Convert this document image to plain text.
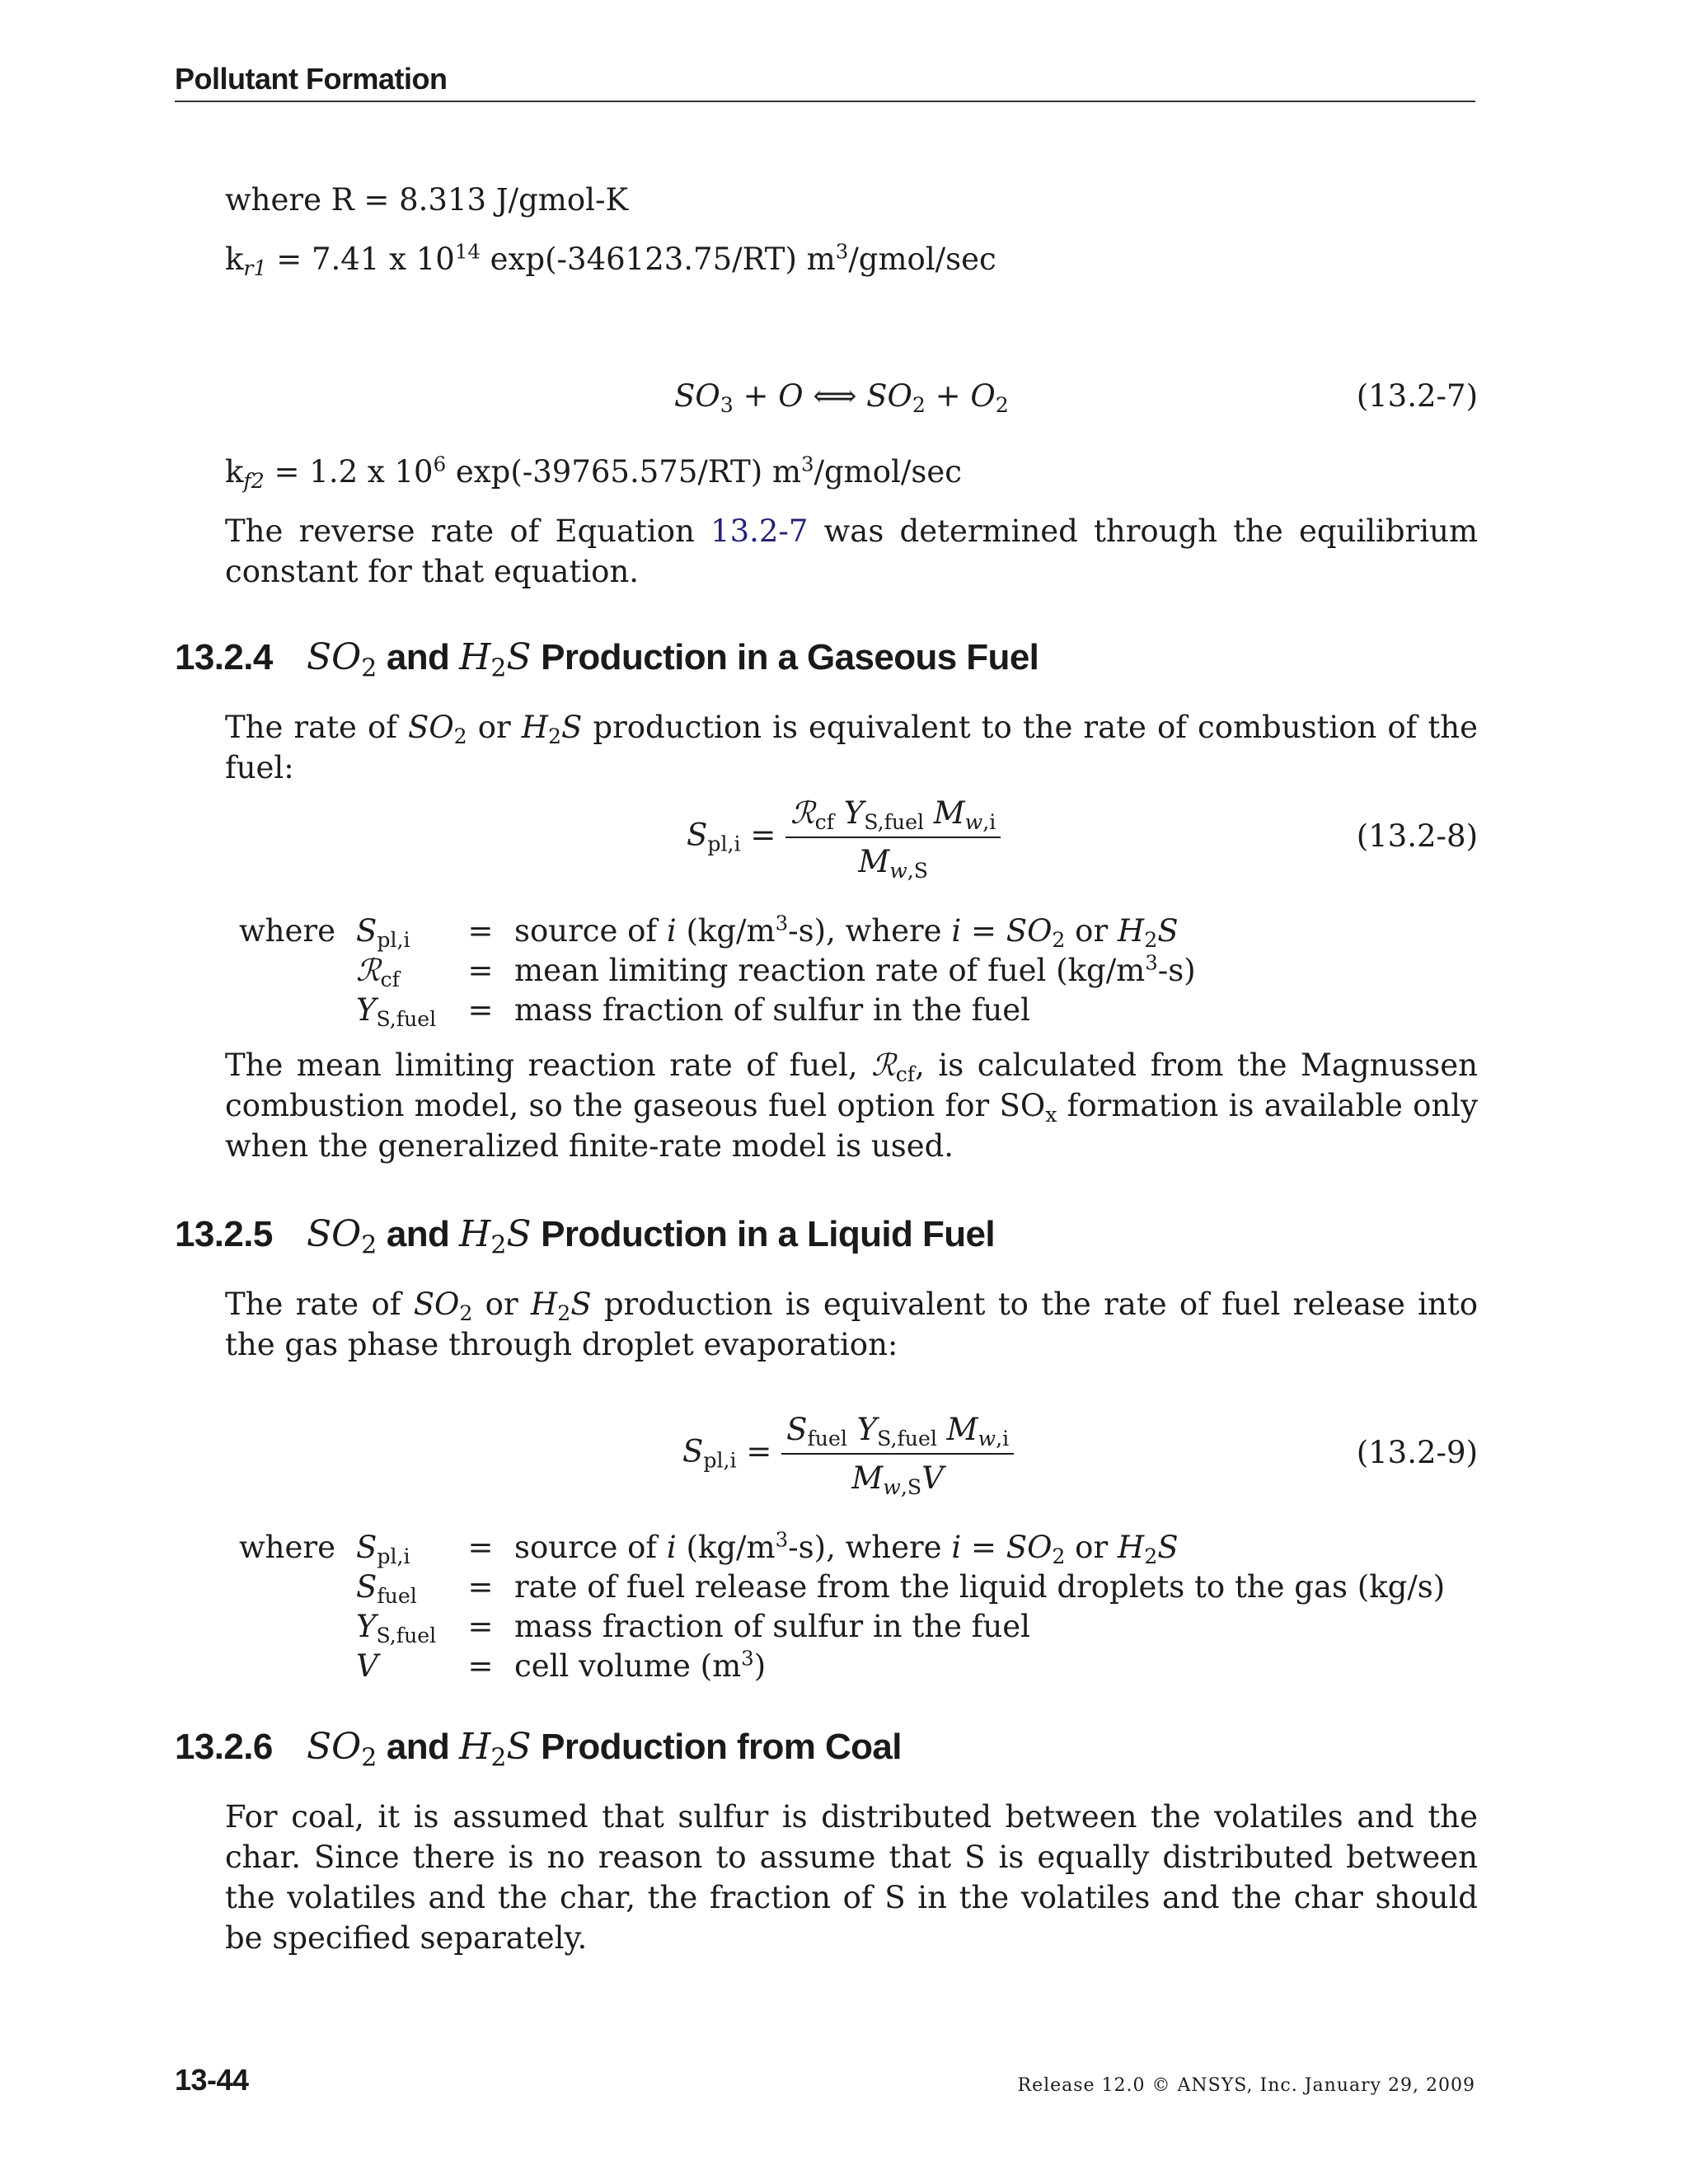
Pollutant Formation
where R = 8.313 J/gmol-K
$k_{r1} = 7.41$ x $10^{14}$ exp(-346123.75/RT) $m^3/gmol/\sec$
$SO_3 + O$ ⟺ $SO_2 + O_2$	(13.2-7)
$k_{f2} = 1.2$ x $10^6$ exp(-39765.575/RT) $m^3/gmol/\sec$
The reverse rate of Equation 13.2-7 was determined through the equilibrium constant for that equation.
13.2.4 $SO_2$ and $H_2S$ Production in a Gaseous Fuel
The rate of $SO_2$ or $H_2S$ production is equivalent to the rate of combustion of the fuel:
$S_{pl,i} = \frac{ℛ_{cf} Y_{S,fuel} M_{w,i}}{M_{w,S}}$	(13.2-8)
where	$S_{pl,i}$	=	source of i $(kg/m^3-s)$, where $i = SO_2$ or $H_2S$
	ℛ$_{cf}$	=	mean limiting reaction rate of fuel $(kg/m^3-s)$
	$Y_{S,fuel}$	=	mass fraction of sulfur in the fuel
The mean limiting reaction rate of fuel, ℛ$_{cf}$, is calculated from the Magnussen combustion model, so the gaseous fuel option for $SO_x$ formation is available only when the generalized finite-rate model is used.
13.2.5 $SO_2$ and $H_2S$ Production in a Liquid Fuel
The rate of $SO_2$ or $H_2S$ production is equivalent to the rate of fuel release into the gas phase through droplet evaporation:
$S_{pl,i} = \frac{S_{fuel} Y_{S,fuel} M_{w,i}}{M_{w,S}V}$	(13.2-9)
where	$S_{pl,i}$	=	source of i $(kg/m^3-s)$, where $i = SO_2$ or $H_2S$
	$S_{fuel}$	=	rate of fuel release from the liquid droplets to the gas (kg/s)
	$Y_{S,fuel}$	=	mass fraction of sulfur in the fuel
	V	=	cell volume $(m^3)$
13.2.6 $SO_2$ and $H_2S$ Production from Coal
For coal, it is assumed that sulfur is distributed between the volatiles and the char. Since there is no reason to assume that S is equally distributed between the volatiles and the char, the fraction of S in the volatiles and the char should be specified separately.
13-44	Release 12.0 © ANSYS, Inc. January 29, 2009
